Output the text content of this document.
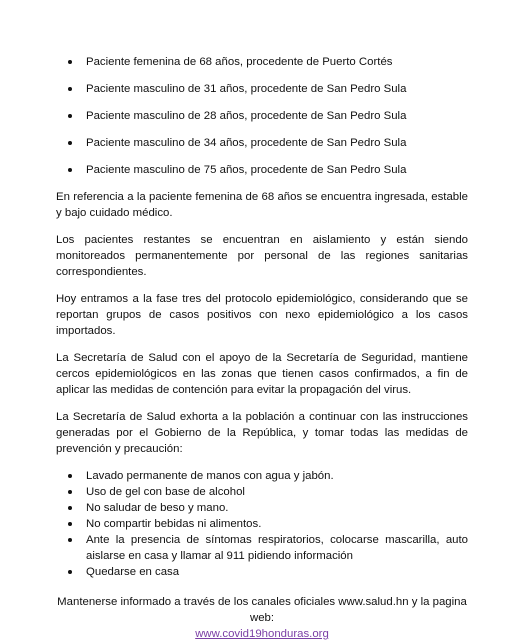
Paciente femenina de 68 años, procedente de Puerto Cortés
Paciente masculino de 31 años, procedente de San Pedro Sula
Paciente masculino de 28 años, procedente de San Pedro Sula
Paciente masculino de 34 años, procedente de San Pedro Sula
Paciente masculino de 75 años, procedente de San Pedro Sula

En referencia a la paciente femenina de 68 años se encuentra ingresada, estable y bajo cuidado médico.

Los pacientes restantes se encuentran en aislamiento y están siendo monitoreados permanentemente por personal de las regiones sanitarias correspondientes.

Hoy entramos a la fase tres del protocolo epidemiológico, considerando que se reportan grupos de casos positivos con nexo epidemiológico a los casos importados.

La Secretaría de Salud con el apoyo de la Secretaría de Seguridad, mantiene cercos epidemiológicos en las zonas que tienen casos confirmados, a fin de aplicar las medidas de contención para evitar la propagación del virus.

La Secretaría de Salud exhorta a la población a continuar con las instrucciones generadas por el Gobierno de la República, y tomar todas las medidas de prevención y precaución:

Lavado permanente de manos con agua y jabón.
Uso de gel con base de alcohol
No saludar de beso y mano.
No compartir bebidas ni alimentos.
Ante la presencia de síntomas respiratorios, colocarse mascarilla, auto aislarse en casa y llamar al 911 pidiendo información
Quedarse en casa
Mantenerse informado a través de los canales oficiales www.salud.hn y la pagina web:
www.covid19honduras.org
